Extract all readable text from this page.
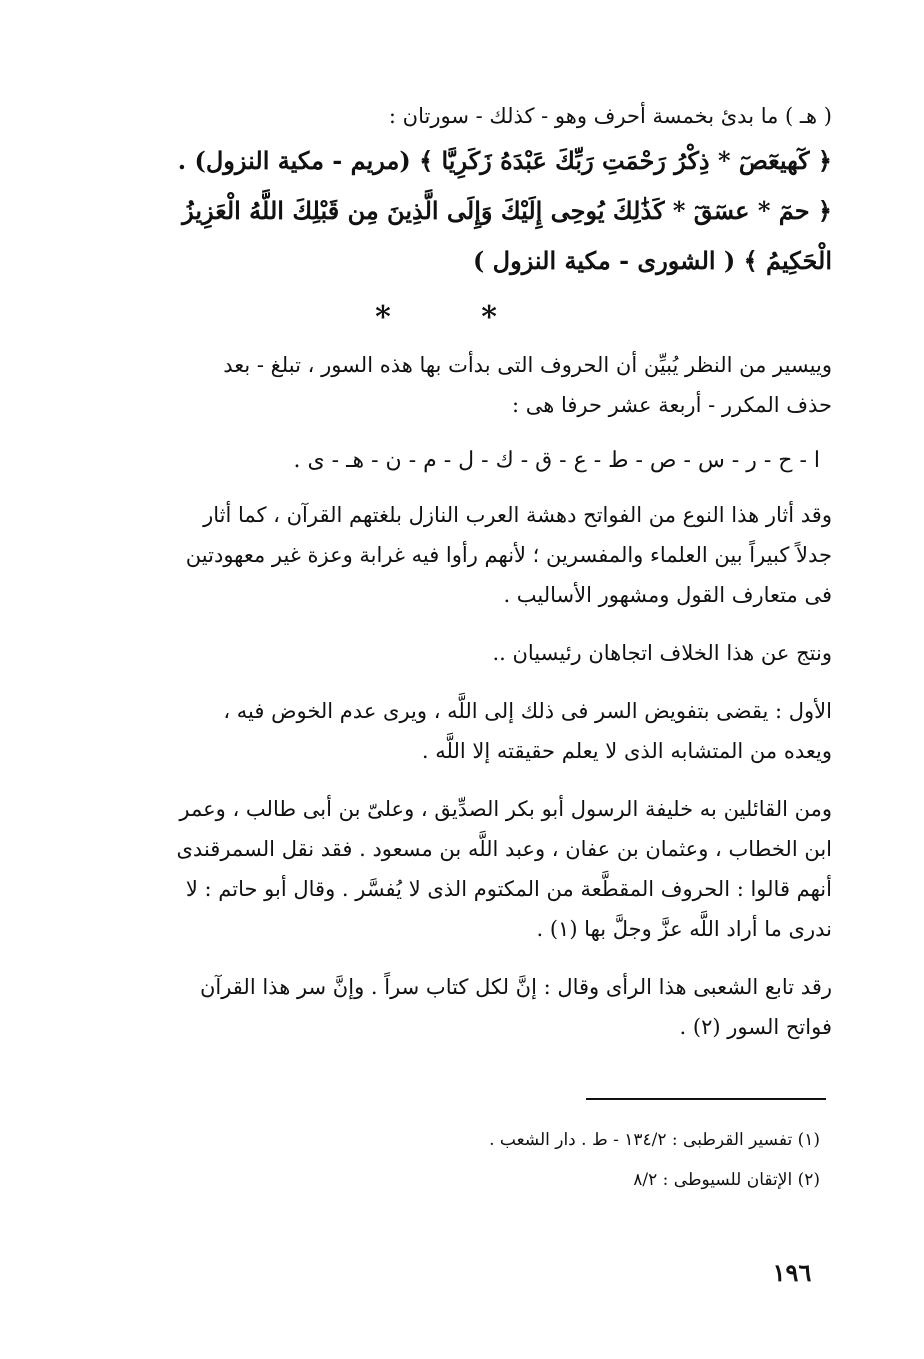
( هـ ) ما بدئ بخمسة أحرف وهو - كذلك - سورتان :

﴿ كٓهيعٓصٓ * ذِكْرُ رَحْمَتِ رَبِّكَ عَبْدَهُ زَكَرِيَّا ﴾ (مريم - مكية النزول) .

﴿ حمٓ * عسٓقٓ * كَذَٰلِكَ يُوحِى إِلَيْكَ وَإِلَى الَّذِينَ مِن قَبْلِكَ اللَّهُ الْعَزِيزُ

الْحَكِيمُ ﴾ ( الشورى - مكية النزول )

* *

وييسير من النظر يُبيِّن أن الحروف التى بدأت بها هذه السور ، تبلغ - بعد

حذف المكرر - أربعة عشر حرفا هى :

ا - ح - ر - س - ص - ط - ع - ق - ك - ل - م - ن - هـ - ى .

وقد أثار هذا النوع من الفواتح دهشة العرب النازل بلغتهم القرآن ، كما أثار

جدلاً كبيراً بين العلماء والمفسرين ؛ لأنهم رأوا فيه غرابة وعزة غير معهودتين

فى متعارف القول ومشهور الأساليب .

ونتج عن هذا الخلاف اتجاهان رئيسيان ..

الأول : يقضى بتفويض السر فى ذلك إلى اللَّه ، ويرى عدم الخوض فيه ،

ويعده من المتشابه الذى لا يعلم حقيقته إلا اللَّه .

ومن القائلين به خليفة الرسول أبو بكر الصدِّيق ، وعلىّ بن أبى طالب ، وعمر

ابن الخطاب ، وعثمان بن عفان ، وعبد اللَّه بن مسعود . فقد نقل السمرقندى

أنهم قالوا : الحروف المقطَّعة من المكتوم الذى لا يُفسَّر . وقال أبو حاتم : لا

ندرى ما أراد اللَّه عزَّ وجلَّ بها (١) .

رقد تابع الشعبى هذا الرأى وقال : إنَّ لكل كتاب سراً . وإنَّ سر هذا القرآن

فواتح السور (٢) .

(١) تفسير القرطبى : ١٣٤/٢ - ط . دار الشعب .

(٢) الإتقان للسيوطى : ٨/٢

١٩٦
